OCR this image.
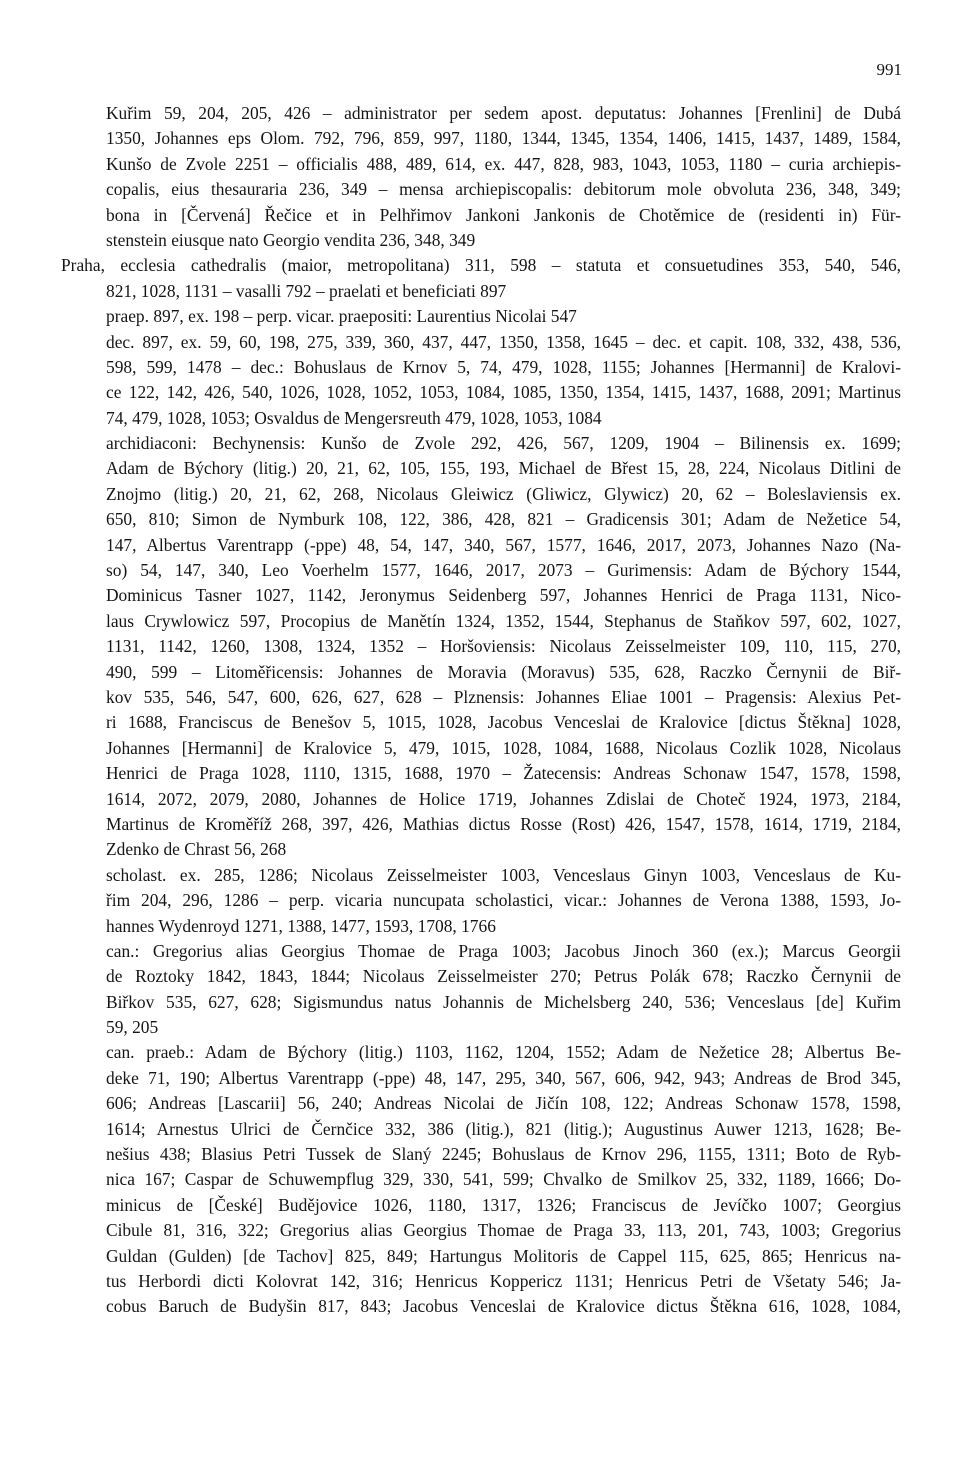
991
Kuřim 59, 204, 205, 426 – administrator per sedem apost. deputatus: Johannes [Frenlini] de Dubá
1350, Johannes eps Olom. 792, 796, 859, 997, 1180, 1344, 1345, 1354, 1406, 1415, 1437, 1489, 1584,
Kunšo de Zvole 2251 – officialis 488, 489, 614, ex. 447, 828, 983, 1043, 1053, 1180 – curia archiepis-
copalis, eius thesauraria 236, 349 – mensa archiepiscopalis: debitorum mole obvoluta 236, 348, 349;
bona in [Červená] Řečice et in Pelhřimov Jankoni Jankonis de Chotěmice de (residenti in) Für-
stenstein eiusque nato Georgio vendita 236, 348, 349
Praha, ecclesia cathedralis (maior, metropolitana) 311, 598 – statuta et consuetudines 353, 540, 546,
821, 1028, 1131 – vasalli 792 – praelati et beneficiati 897
praep. 897, ex. 198 – perp. vicar. praepositi: Laurentius Nicolai 547
dec. 897, ex. 59, 60, 198, 275, 339, 360, 437, 447, 1350, 1358, 1645 – dec. et capit. 108, 332, 438, 536,
598, 599, 1478 – dec.: Bohuslaus de Krnov 5, 74, 479, 1028, 1155; Johannes [Hermanni] de Kralovi-
ce 122, 142, 426, 540, 1026, 1028, 1052, 1053, 1084, 1085, 1350, 1354, 1415, 1437, 1688, 2091; Martinus
74, 479, 1028, 1053; Osvaldus de Mengersreuth 479, 1028, 1053, 1084
archidiaconi: Bechynensis: Kunšo de Zvole 292, 426, 567, 1209, 1904 – Bilinensis ex. 1699;
Adam de Býchory (litig.) 20, 21, 62, 105, 155, 193, Michael de Břest 15, 28, 224, Nicolaus Ditlini de
Znojmo (litig.) 20, 21, 62, 268, Nicolaus Gleiwicz (Gliwicz, Glywicz) 20, 62 – Boleslaviensis ex.
650, 810; Simon de Nymburk 108, 122, 386, 428, 821 – Gradicensis 301; Adam de Nežetice 54,
147, Albertus Varentrapp (-ppe) 48, 54, 147, 340, 567, 1577, 1646, 2017, 2073, Johannes Nazo (Na-
so) 54, 147, 340, Leo Voerhelm 1577, 1646, 2017, 2073 – Gurimensis: Adam de Býchory 1544,
Dominicus Tasner 1027, 1142, Jeronymus Seidenberg 597, Johannes Henrici de Praga 1131, Nico-
laus Crywlowicz 597, Procopius de Manětín 1324, 1352, 1544, Stephanus de Staňkov 597, 602, 1027,
1131, 1142, 1260, 1308, 1324, 1352 – Horšoviensis: Nicolaus Zeisselmeister 109, 110, 115, 270,
490, 599 – Litoměřicensis: Johannes de Moravia (Moravus) 535, 628, Raczko Černynii de Biř-
kov 535, 546, 547, 600, 626, 627, 628 – Plznensis: Johannes Eliae 1001 – Pragensis: Alexius Pet-
ri 1688, Franciscus de Benešov 5, 1015, 1028, Jacobus Venceslai de Kralovice [dictus Štěkna] 1028,
Johannes [Hermanni] de Kralovice 5, 479, 1015, 1028, 1084, 1688, Nicolaus Cozlik 1028, Nicolaus
Henrici de Praga 1028, 1110, 1315, 1688, 1970 – Žatecensis: Andreas Schonaw 1547, 1578, 1598,
1614, 2072, 2079, 2080, Johannes de Holice 1719, Johannes Zdislai de Choteč 1924, 1973, 2184,
Martinus de Kroměříž 268, 397, 426, Mathias dictus Rosse (Rost) 426, 1547, 1578, 1614, 1719, 2184,
Zdenko de Chrast 56, 268
scholast. ex. 285, 1286; Nicolaus Zeisselmeister 1003, Venceslaus Ginyn 1003, Venceslaus de Ku-
řim 204, 296, 1286 – perp. vicaria nuncupata scholastici, vicar.: Johannes de Verona 1388, 1593, Jo-
hannes Wydenroyd 1271, 1388, 1477, 1593, 1708, 1766
can.: Gregorius alias Georgius Thomae de Praga 1003; Jacobus Jinoch 360 (ex.); Marcus Georgii
de Roztoky 1842, 1843, 1844; Nicolaus Zeisselmeister 270; Petrus Polák 678; Raczko Černynii de
Biřkov 535, 627, 628; Sigismundus natus Johannis de Michelsberg 240, 536; Venceslaus [de] Kuřim
59, 205
can. praeb.: Adam de Býchory (litig.) 1103, 1162, 1204, 1552; Adam de Nežetice 28; Albertus Be-
deke 71, 190; Albertus Varentrapp (-ppe) 48, 147, 295, 340, 567, 606, 942, 943; Andreas de Brod 345,
606; Andreas [Lascarii] 56, 240; Andreas Nicolai de Jičín 108, 122; Andreas Schonaw 1578, 1598,
1614; Arnestus Ulrici de Černčice 332, 386 (litig.), 821 (litig.); Augustinus Auwer 1213, 1628; Be-
nešius 438; Blasius Petri Tussek de Slaný 2245; Bohuslaus de Krnov 296, 1155, 1311; Boto de Ryb-
nica 167; Caspar de Schuwempflug 329, 330, 541, 599; Chvalko de Smilkov 25, 332, 1189, 1666; Do-
minicus de [České] Budějovice 1026, 1180, 1317, 1326; Franciscus de Jevíčko 1007; Georgius
Cibule 81, 316, 322; Gregorius alias Georgius Thomae de Praga 33, 113, 201, 743, 1003; Gregorius
Guldan (Gulden) [de Tachov] 825, 849; Hartungus Molitoris de Cappel 115, 625, 865; Henricus na-
tus Herbordi dicti Kolovrat 142, 316; Henricus Koppericz 1131; Henricus Petri de Všetaty 546; Ja-
cobus Baruch de Budyšin 817, 843; Jacobus Venceslai de Kralovice dictus Štěkna 616, 1028, 1084,
